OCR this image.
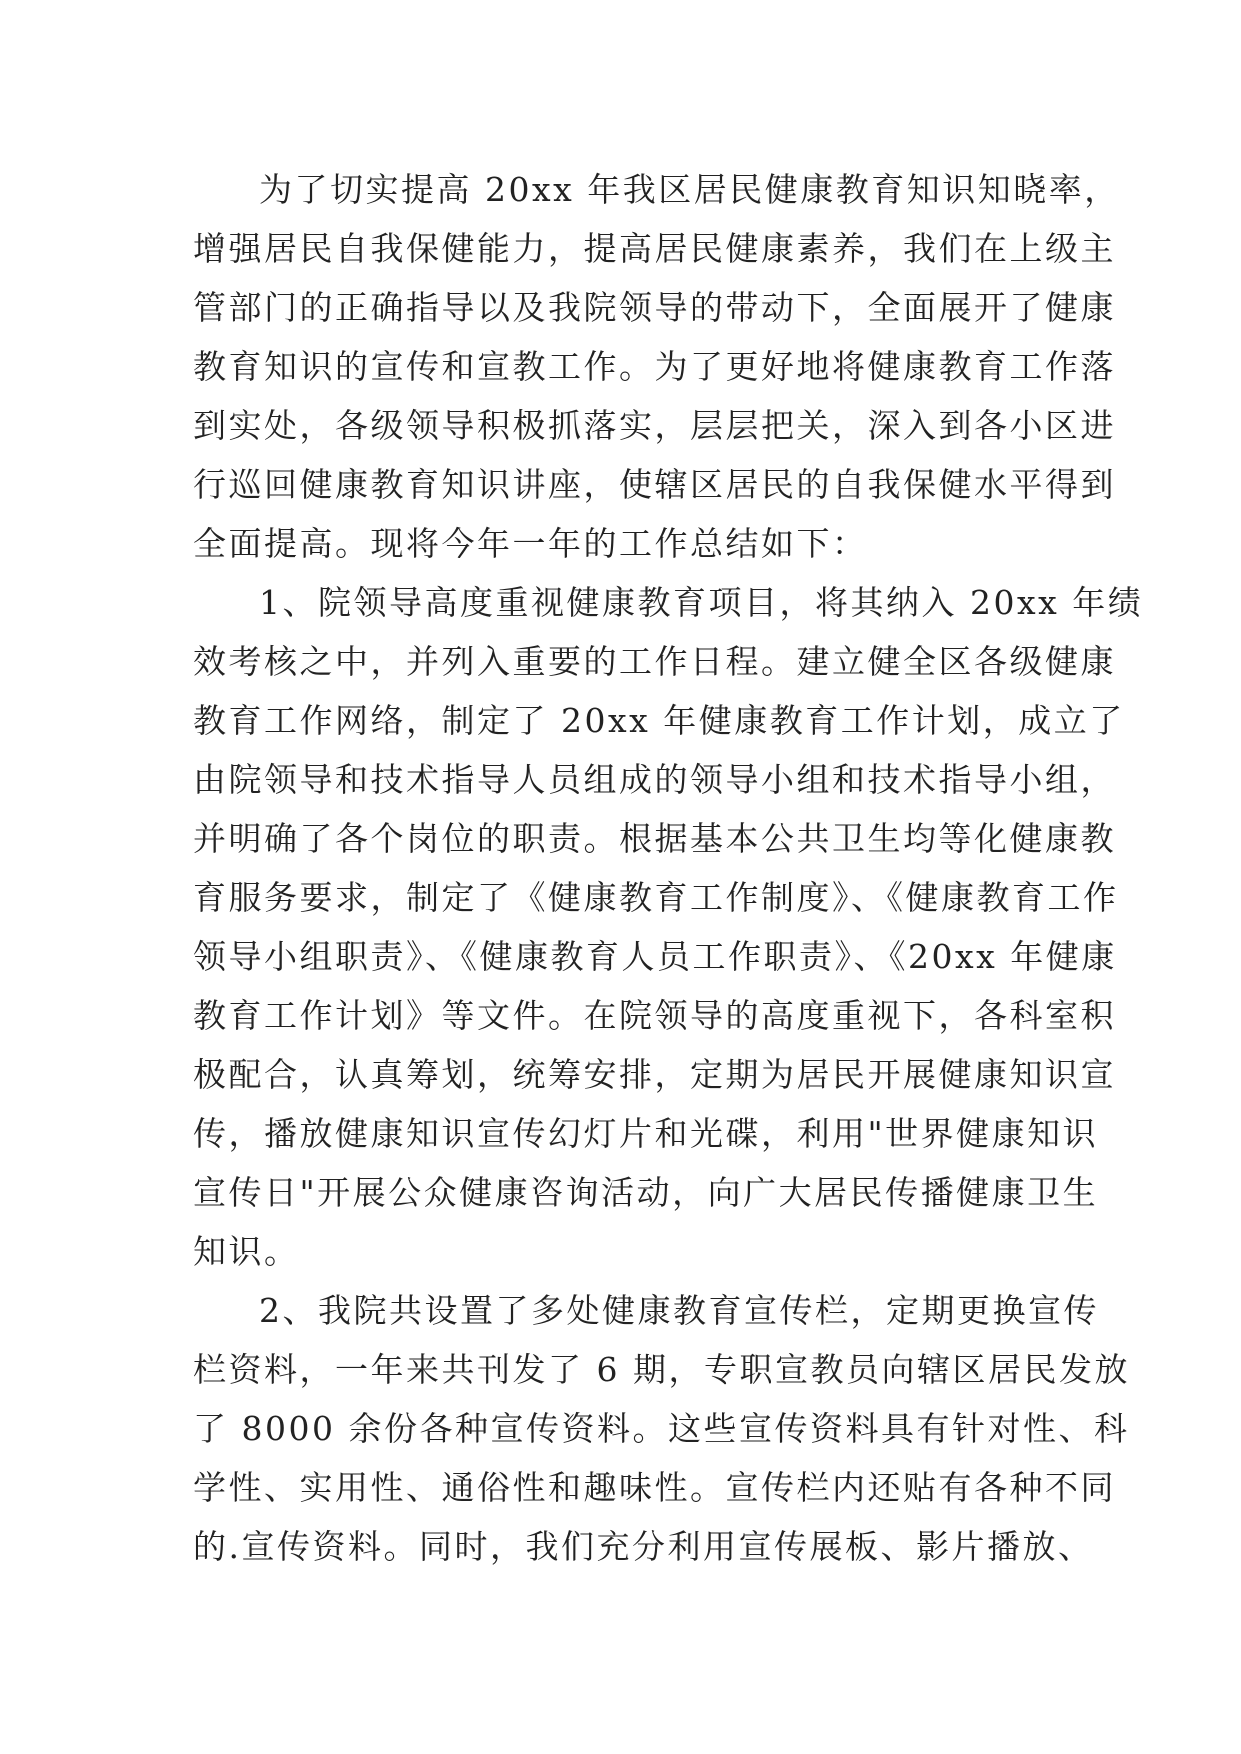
为了切实提高 20xx 年我区居民健康教育知识知晓率，
增强居民自我保健能力，提高居民健康素养，我们在上级主
管部门的正确指导以及我院领导的带动下，全面展开了健康
教育知识的宣传和宣教工作。为了更好地将健康教育工作落
到实处，各级领导积极抓落实，层层把关，深入到各小区进
行巡回健康教育知识讲座，使辖区居民的自我保健水平得到
全面提高。现将今年一年的工作总结如下：
1、院领导高度重视健康教育项目，将其纳入 20xx 年绩
效考核之中，并列入重要的工作日程。建立健全区各级健康
教育工作网络，制定了 20xx 年健康教育工作计划，成立了
由院领导和技术指导人员组成的领导小组和技术指导小组，
并明确了各个岗位的职责。根据基本公共卫生均等化健康教
育服务要求，制定了《健康教育工作制度》、《健康教育工作
领导小组职责》、《健康教育人员工作职责》、《20xx 年健康
教育工作计划》等文件。在院领导的高度重视下，各科室积
极配合，认真筹划，统筹安排，定期为居民开展健康知识宣
传，播放健康知识宣传幻灯片和光碟，利用"世界健康知识
宣传日"开展公众健康咨询活动，向广大居民传播健康卫生
知识。
2、我院共设置了多处健康教育宣传栏，定期更换宣传
栏资料，一年来共刊发了 6 期，专职宣教员向辖区居民发放
了 8000 余份各种宣传资料。这些宣传资料具有针对性、科
学性、实用性、通俗性和趣味性。宣传栏内还贴有各种不同
的.宣传资料。同时，我们充分利用宣传展板、影片播放、
